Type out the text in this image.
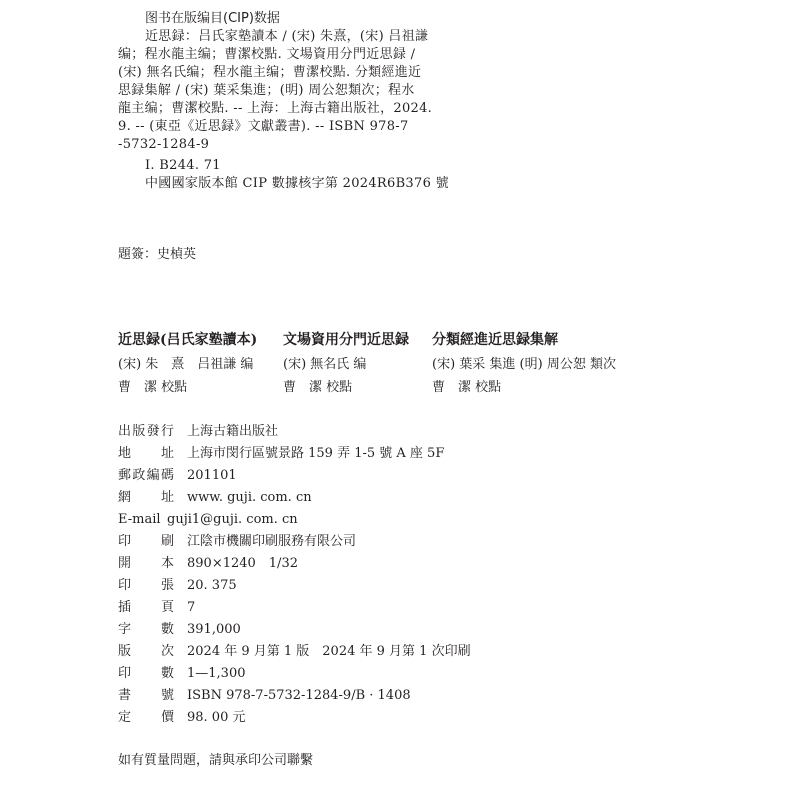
图书在版编目(CIP)数据
近思録：吕氏家塾讀本 / (宋) 朱熹，(宋) 吕祖謙
编；程水龍主编；曹潔校點. 文場資用分門近思録 /
(宋) 無名氏编；程水龍主编；曹潔校點. 分類經進近
思録集解 / (宋) 葉采集進；(明) 周公恕類次；程水
龍主编；曹潔校點. -- 上海：上海古籍出版社，2024.
9. -- (東亞《近思録》文獻叢書). -- ISBN 978-7
-5732-1284-9
Ⅰ. B244. 71
中國國家版本館 CIP 數據核字第 2024R6B376 號
題簽：史楨英
近思録(吕氏家塾讀本)
(宋) 朱　熹　吕祖謙 编
曹　潔 校點
文場資用分門近思録
(宋) 無名氏 编
曹　潔 校點
分類經進近思録集解
(宋) 葉采 集進 (明) 周公恕 類次
曹　潔 校點
出版發行 上海古籍出版社
地　址 上海市閔行區號景路 159 弄 1-5 號 A 座 5F
郵政編碼 201101
網　址 www. guji. com. cn
E-mail guji1@guji. com. cn
印　刷 江陰市機關印刷服務有限公司
開　本 890×1240　1/32
印　張 20. 375
插　頁 7
字　數 391,000
版　次 2024 年 9 月第 1 版　2024 年 9 月第 1 次印刷
印　數 1—1,300
書　號 ISBN 978-7-5732-1284-9/B · 1408
定　價 98. 00 元
如有質量問題，請與承印公司聯繫
